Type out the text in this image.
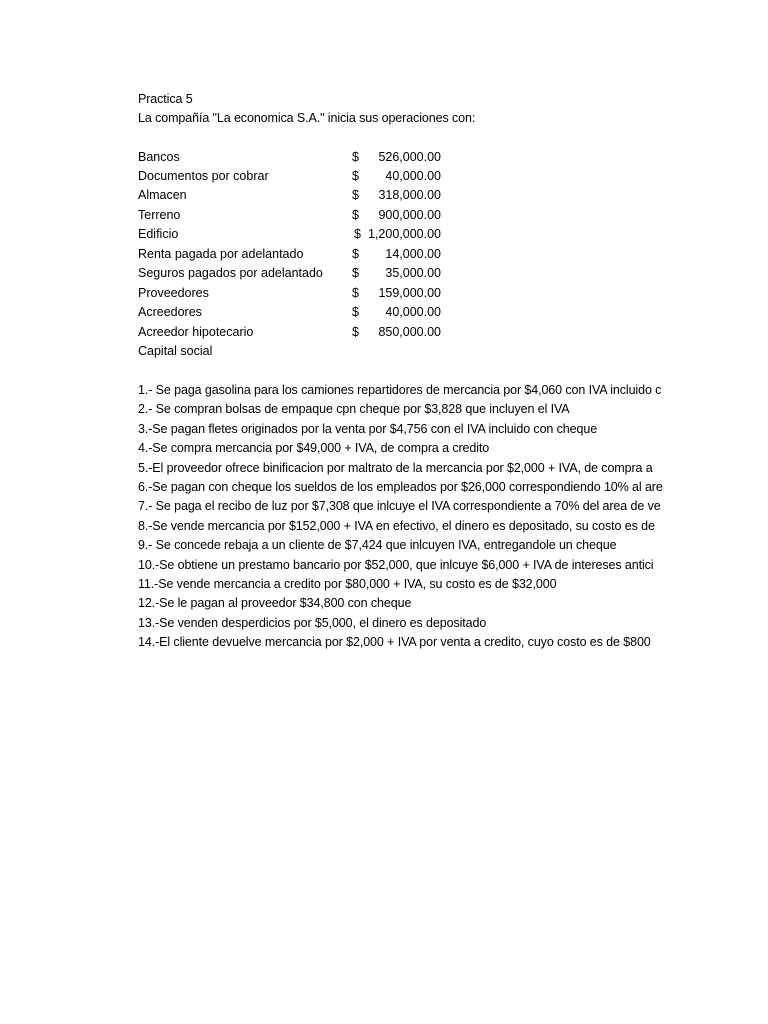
Practica 5
La compañía "La economica S.A." inicia sus operaciones con:
Bancos	$ 526,000.00
Documentos por cobrar	$ 40,000.00
Almacen	$ 318,000.00
Terreno	$ 900,000.00
Edificio	$ 1,200,000.00
Renta pagada por adelantado	$ 14,000.00
Seguros pagados por adelantado $ 35,000.00
Proveedores	$ 159,000.00
Acreedores	$ 40,000.00
Acreedor hipotecario	$ 850,000.00
Capital social
1.- Se paga gasolina para los camiones repartidores de mercancia por $4,060 con IVA incluido c
2.- Se compran bolsas de empaque cpn cheque por $3,828 que incluyen el IVA
3.-Se pagan fletes originados por la venta por $4,756 con el IVA incluido con cheque
4.-Se compra mercancia por $49,000 + IVA, de compra a credito
5.-El proveedor ofrece binificacion por maltrato de la mercancia por $2,000 + IVA, de compra a
6.-Se pagan con cheque los sueldos de los empleados por $26,000 correspondiendo 10% al are
7.- Se paga el recibo de luz por $7,308 que inlcuye el IVA correspondiente a 70% del area de ve
8.-Se vende mercancia por $152,000 + IVA en efectivo, el dinero es depositado, su costo es de
9.- Se concede rebaja a un cliente de $7,424 que inlcuyen IVA, entregandole un cheque
10.-Se obtiene un prestamo bancario por $52,000, que inlcuye $6,000 + IVA de intereses antici
11.-Se vende mercancia a credito por $80,000 + IVA, su costo es de $32,000
12.-Se le pagan al proveedor $34,800 con cheque
13.-Se venden desperdicios por $5,000, el dinero es depositado
14.-El cliente devuelve mercancia por $2,000 + IVA por venta a credito, cuyo costo es de $800
